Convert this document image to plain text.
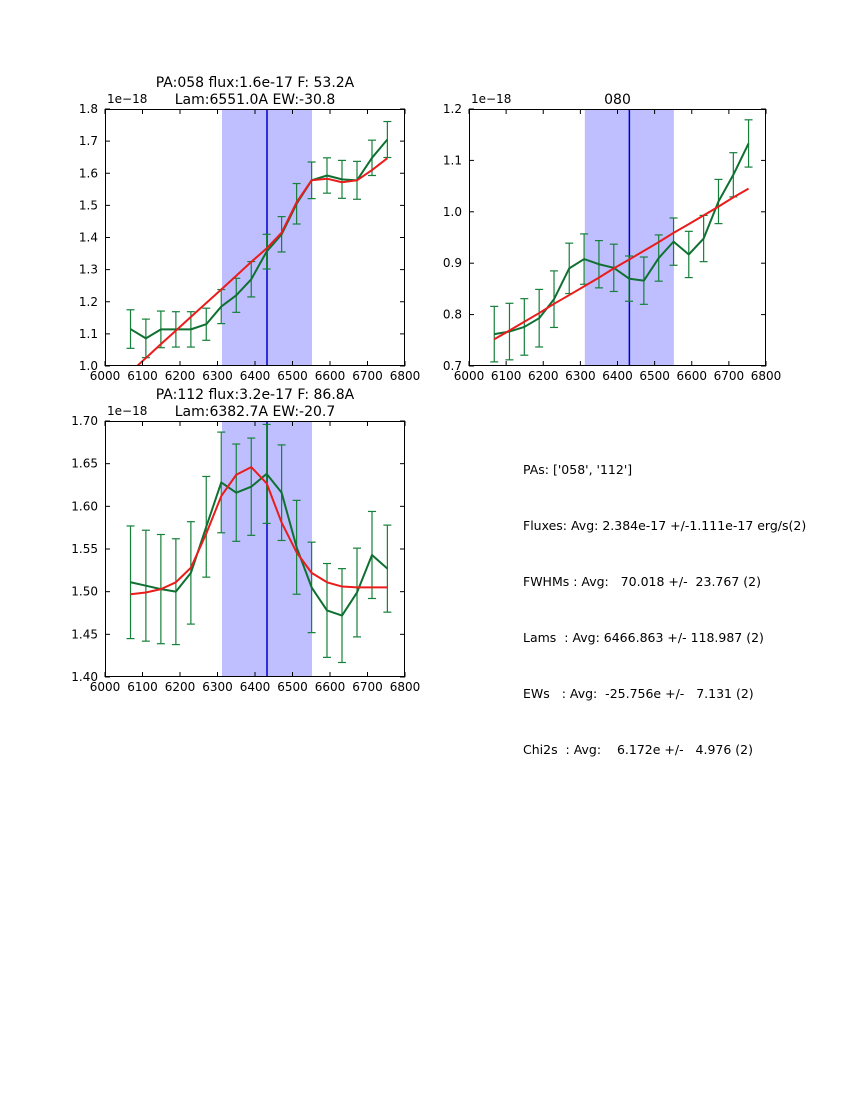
6000 6100 6200 6300 6400 6500 6600 6700 6800
1.0
1.1
1.2
1.3
1.4
1.5
1.6
1.7
1.8
1e−18
PA:058 flux:1.6e-17 F: 53.2A
Lam:6551.0A EW:-30.8
6000 6100 6200 6300 6400 6500 6600 6700 6800
0.7
0.8
0.9
1.0
1.1
1.2
1e−18	080
6000 6100 6200 6300 6400 6500 6600 6700 6800
1.40
1.45
1.50
1.55
1.60
1.65
1.70
1e−18
PA:112 flux:3.2e-17 F: 86.8A
Lam:6382.7A EW:-20.7

PAs: ['058', '112']

Fluxes: Avg: 2.384e-17 +/-1.111e-17 erg/s(2)

FWHMs : Avg:   70.018 +/-  23.767 (2)

Lams  : Avg: 6466.863 +/- 118.987 (2)

EWs   : Avg:  -25.756e +/-   7.131 (2)

Chi2s  : Avg:    6.172e +/-   4.976 (2)
